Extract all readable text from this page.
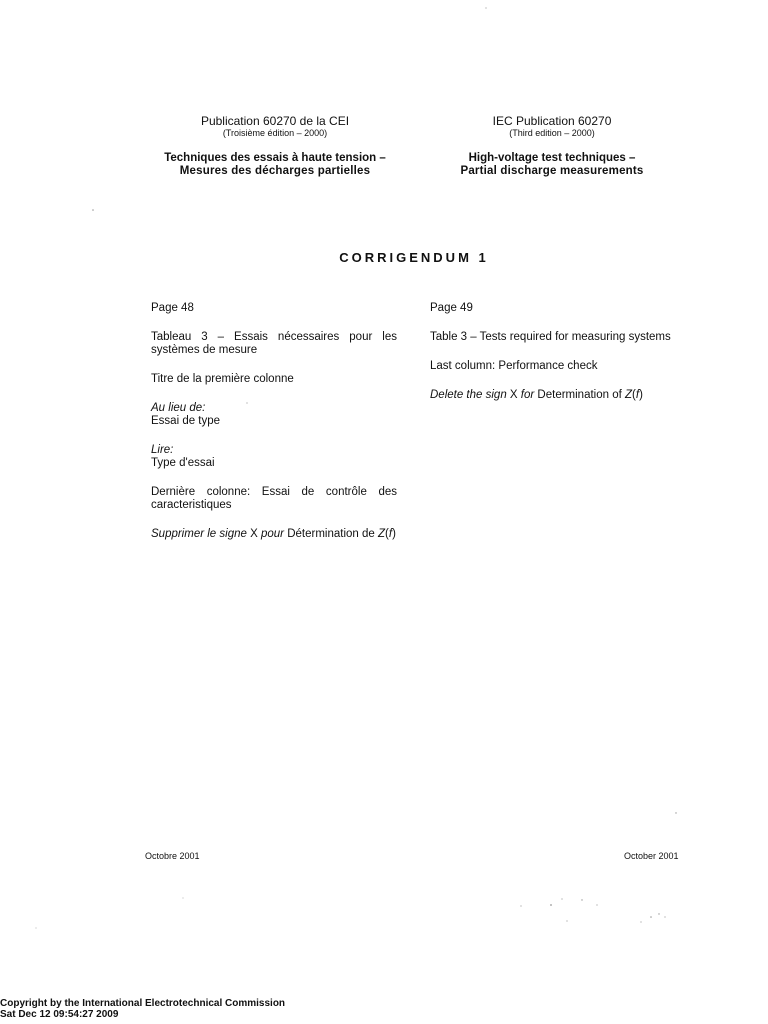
Publication 60270 de la CEI
(Troisième édition – 2000)
Techniques des essais à haute tension –
Mesures des décharges partielles
IEC Publication 60270
(Third edition – 2000)
High-voltage test techniques –
Partial discharge measurements
CORRIGENDUM 1

Page 48

Tableau 3 – Essais nécessaires pour les systèmes de mesure

Titre de la première colonne

Au lieu de:

Essai de type

Lire:

Type d'essai

Dernière colonne: Essai de contrôle des caracteristiques

Supprimer le signe X pour Détermination de Z(f)

Page 49

Table 3 – Tests required for measuring systems

Last column: Performance check

Delete the sign X for Determination of Z(f)

Octobre 2001	October 2001
Copyright by the International Electrotechnical Commission
Sat Dec 12 09:54:27 2009
